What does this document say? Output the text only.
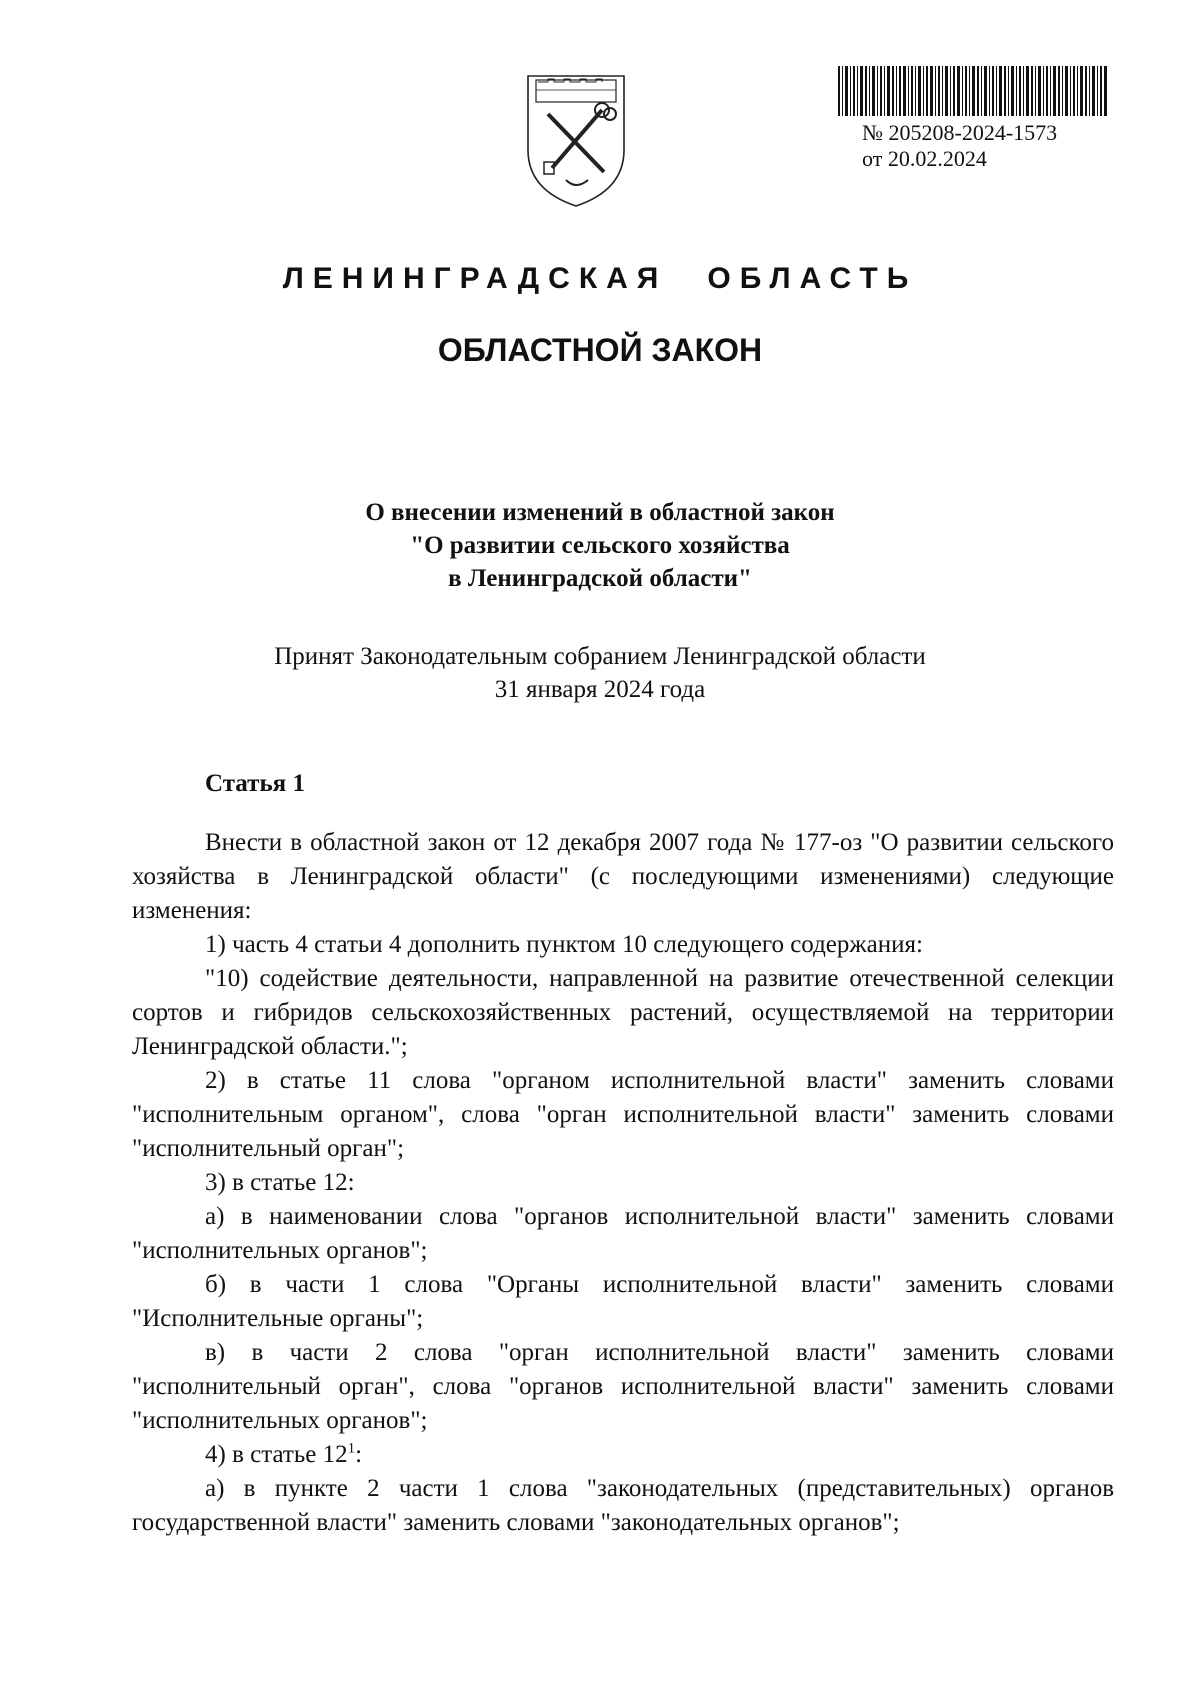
№ 205208-2024-1573
от 20.02.2024
ЛЕНИНГРАДСКАЯ ОБЛАСТЬ
ОБЛАСТНОЙ ЗАКОН
О внесении изменений в областной закон
"О развитии сельского хозяйства
в Ленинградской области"
Принят Законодательным собранием Ленинградской области
31 января 2024 года
Статья 1

Внести в областной закон от 12 декабря 2007 года № 177-оз "О развитии сельского хозяйства в Ленинградской области" (с последующими изменениями) следующие изменения:

1) часть 4 статьи 4 дополнить пунктом 10 следующего содержания:

"10) содействие деятельности, направленной на развитие отечественной селекции сортов и гибридов сельскохозяйственных растений, осуществляемой на территории Ленинградской области.";

2) в статье 11 слова "органом исполнительной власти" заменить словами "исполнительным органом", слова "орган исполнительной власти" заменить словами "исполнительный орган";

3) в статье 12:

а) в наименовании слова "органов исполнительной власти" заменить словами "исполнительных органов";

б) в части 1 слова "Органы исполнительной власти" заменить словами "Исполнительные органы";

в) в части 2 слова "орган исполнительной власти" заменить словами "исполнительный орган", слова "органов исполнительной власти" заменить словами "исполнительных органов";

4) в статье $12^1$:

а) в пункте 2 части 1 слова "законодательных (представительных) органов государственной власти" заменить словами "законодательных органов";
